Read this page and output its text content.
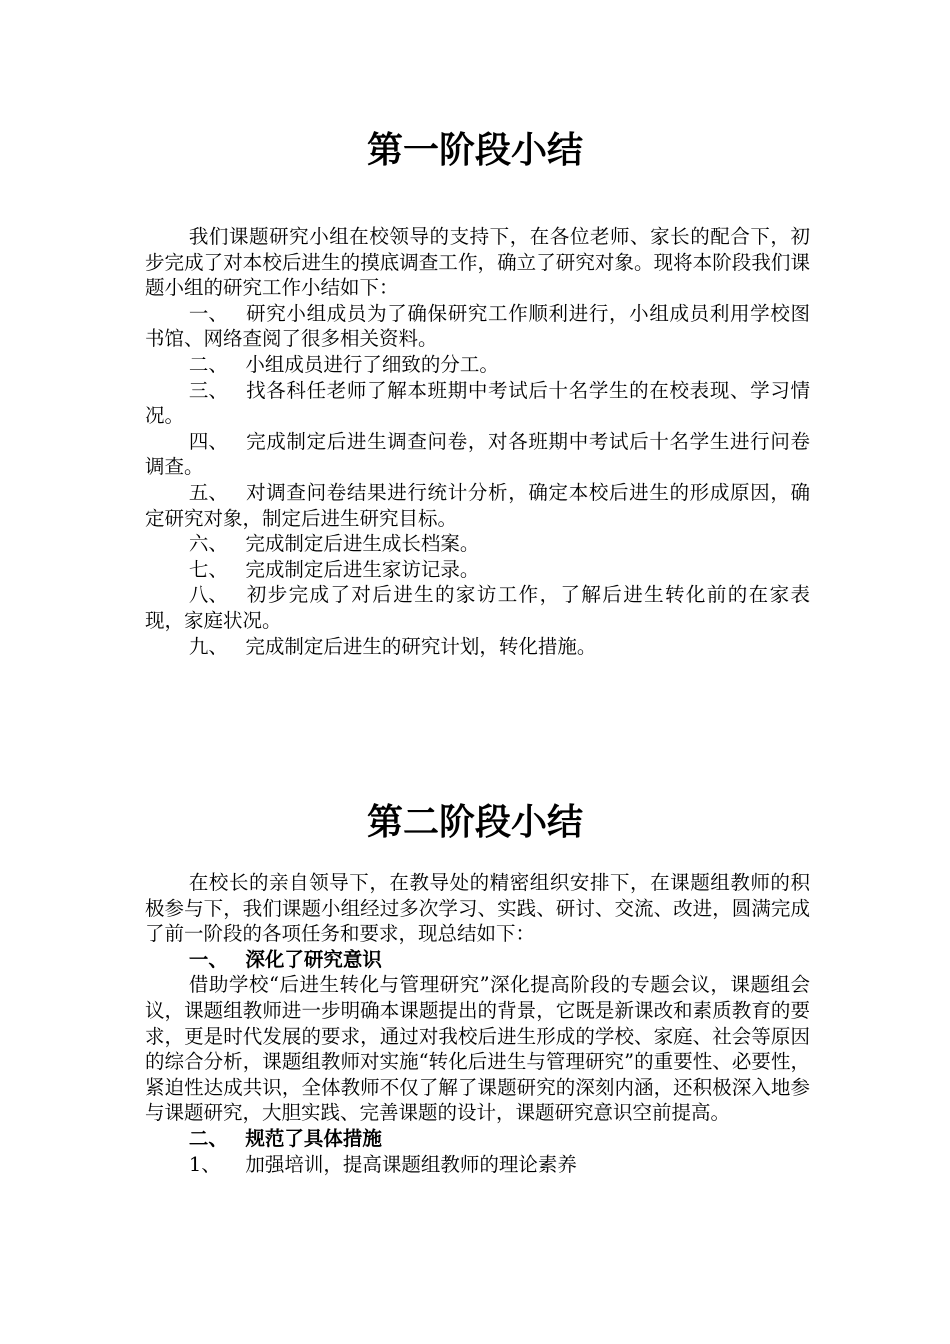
第一阶段小结

我们课题研究小组在校领导的支持下，在各位老师、家长的配合下，初步完成了对本校后进生的摸底调查工作，确立了研究对象。现将本阶段我们课题小组的研究工作小结如下：

一、 研究小组成员为了确保研究工作顺利进行，小组成员利用学校图书馆、网络查阅了很多相关资料。

二、 小组成员进行了细致的分工。

三、 找各科任老师了解本班期中考试后十名学生的在校表现、学习情况。

四、 完成制定后进生调查问卷，对各班期中考试后十名学生进行问卷调查。

五、 对调查问卷结果进行统计分析，确定本校后进生的形成原因，确定研究对象，制定后进生研究目标。

六、 完成制定后进生成长档案。

七、 完成制定后进生家访记录。

八、 初步完成了对后进生的家访工作，了解后进生转化前的在家表现，家庭状况。

九、 完成制定后进生的研究计划，转化措施。

第二阶段小结

在校长的亲自领导下，在教导处的精密组织安排下，在课题组教师的积极参与下，我们课题小组经过多次学习、实践、研讨、交流、改进，圆满完成了前一阶段的各项任务和要求，现总结如下：

一、 深化了研究意识

借助学校“后进生转化与管理研究”深化提高阶段的专题会议，课题组会议，课题组教师进一步明确本课题提出的背景，它既是新课改和素质教育的要求，更是时代发展的要求，通过对我校后进生形成的学校、家庭、社会等原因的综合分析，课题组教师对实施“转化后进生与管理研究”的重要性、必要性，紧迫性达成共识，全体教师不仅了解了课题研究的深刻内涵，还积极深入地参与课题研究，大胆实践、完善课题的设计，课题研究意识空前提高。

二、 规范了具体措施

1、 加强培训，提高课题组教师的理论素养
